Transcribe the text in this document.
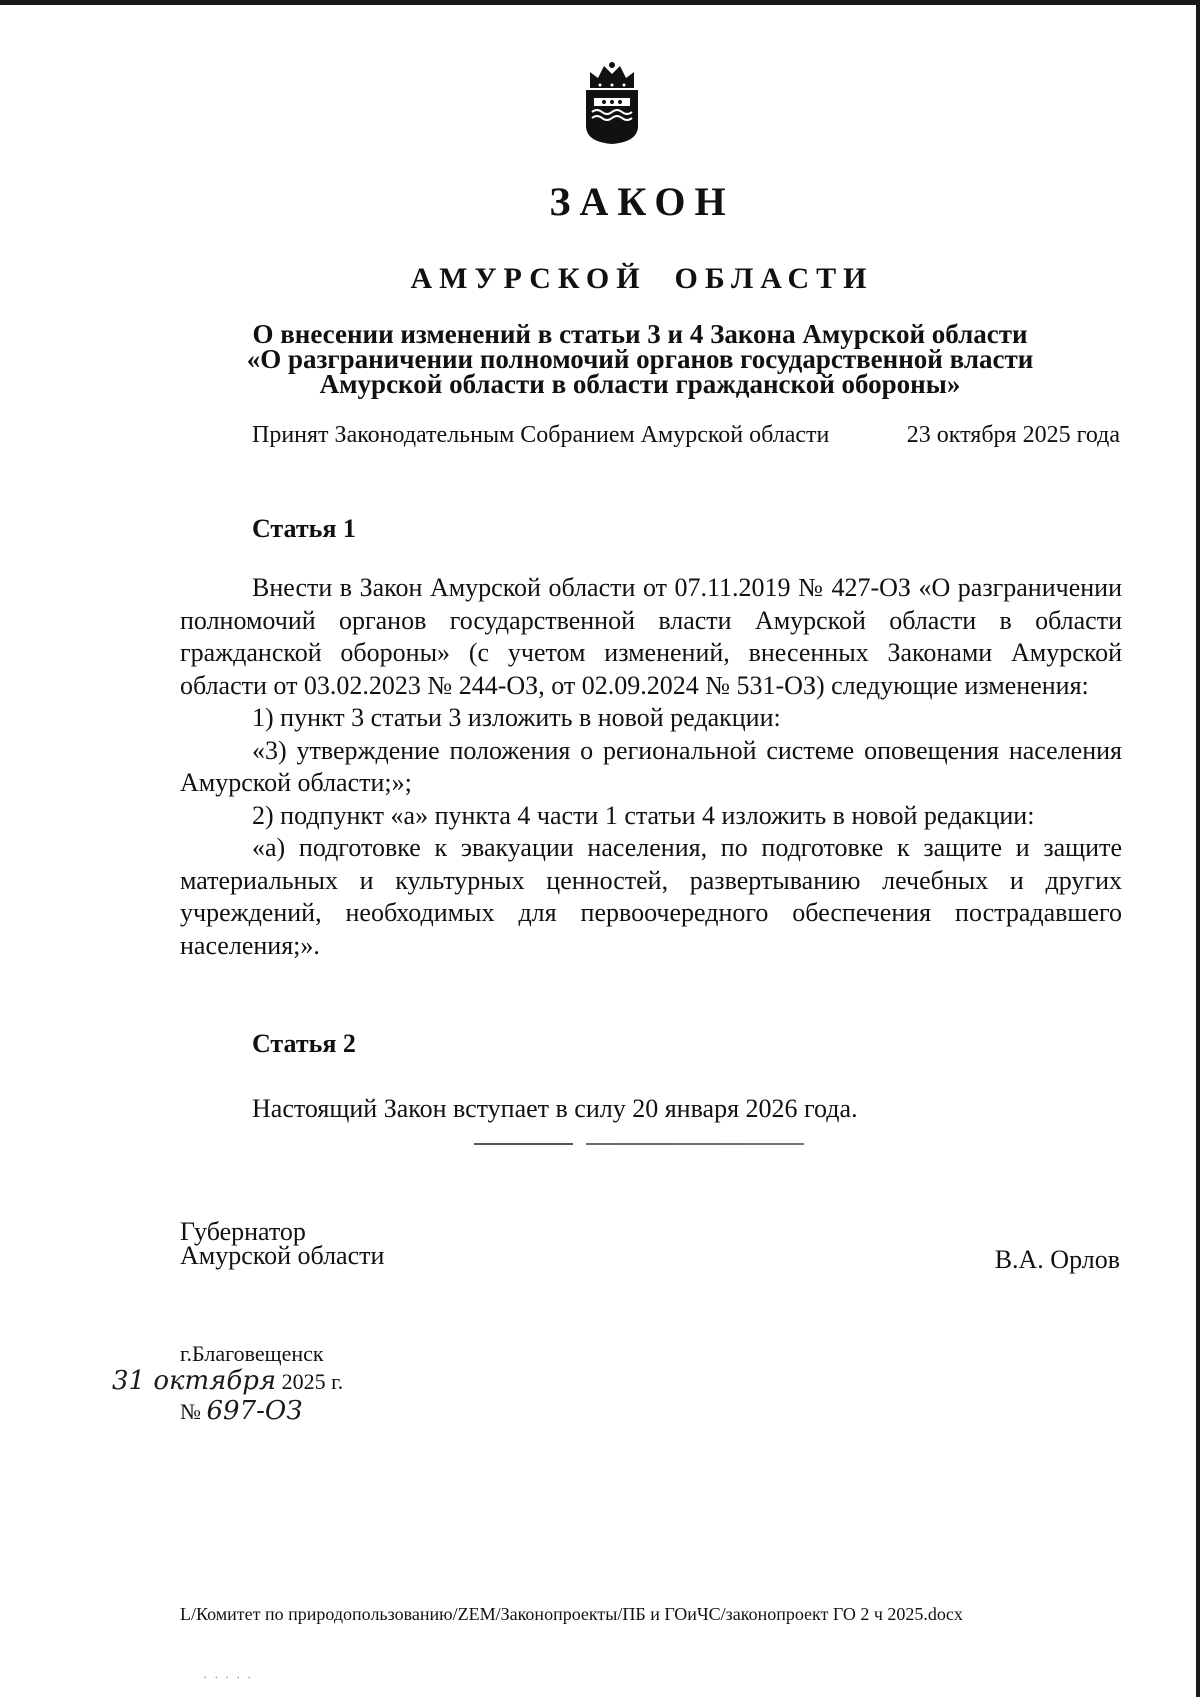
ЗАКОН
АМУРСКОЙ ОБЛАСТИ
О внесении изменений в статьи 3 и 4 Закона Амурской области
«О разграничении полномочий органов государственной власти
Амурской области в области гражданской обороны»
Принят Законодательным Собранием Амурской области	23 октября 2025 года
Статья 1

Внести в Закон Амурской области от 07.11.2019 № 427-ОЗ «О разграничении полномочий органов государственной власти Амурской области в области гражданской обороны» (с учетом изменений, внесенных Законами Амурской области от 03.02.2023 № 244-ОЗ, от 02.09.2024 № 531-ОЗ) следующие изменения:

1) пункт 3 статьи 3 изложить в новой редакции:

«3) утверждение положения о региональной системе оповещения населения Амурской области;»;

2) подпункт «а» пункта 4 части 1 статьи 4 изложить в новой редакции:

«а) подготовке к эвакуации населения, по подготовке к защите и защите материальных и культурных ценностей, развертыванию лечебных и других учреждений, необходимых для первоочередного обеспечения пострадавшего населения;».

Статья 2

Настоящий Закон вступает в силу 20 января 2026 года.

Губернатор
Амурской области	В.А. Орлов
г.Благовещенск
31 октября 2025 г.
№ 697-ОЗ
L/Комитет по природопользованию/ZEM/Законопроекты/ПБ и ГОиЧС/законопроект ГО 2 ч 2025.docx
. . . . .
